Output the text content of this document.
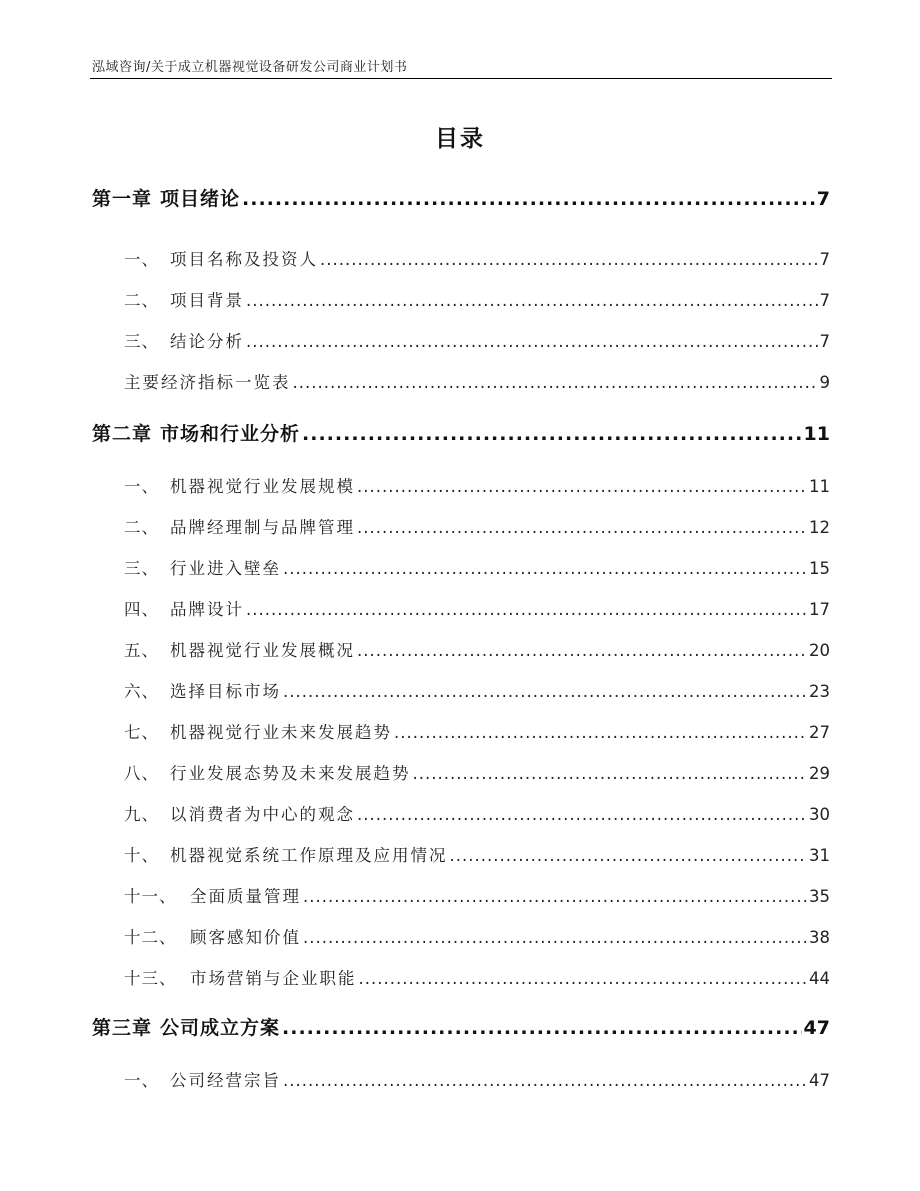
泓域咨询/关于成立机器视觉设备研发公司商业计划书
目录
第一章 项目绪论 .....	7
一、 项目名称及投资人 .....	7
二、 项目背景 .....	7
三、 结论分析 .....	7
主要经济指标一览表 .....	9
第二章 市场和行业分析 .....	11
一、 机器视觉行业发展规模 .....	11
二、 品牌经理制与品牌管理 .....	12
三、 行业进入壁垒 .....	15
四、 品牌设计 .....	17
五、 机器视觉行业发展概况 .....	20
六、 选择目标市场 .....	23
七、 机器视觉行业未来发展趋势 .....	27
八、 行业发展态势及未来发展趋势 .....	29
九、 以消费者为中心的观念 .....	30
十、 机器视觉系统工作原理及应用情况 .....	31
十一、 全面质量管理 .....	35
十二、 顾客感知价值 .....	38
十三、 市场营销与企业职能 .....	44
第三章 公司成立方案 .....	47
一、 公司经营宗旨 .....	47
